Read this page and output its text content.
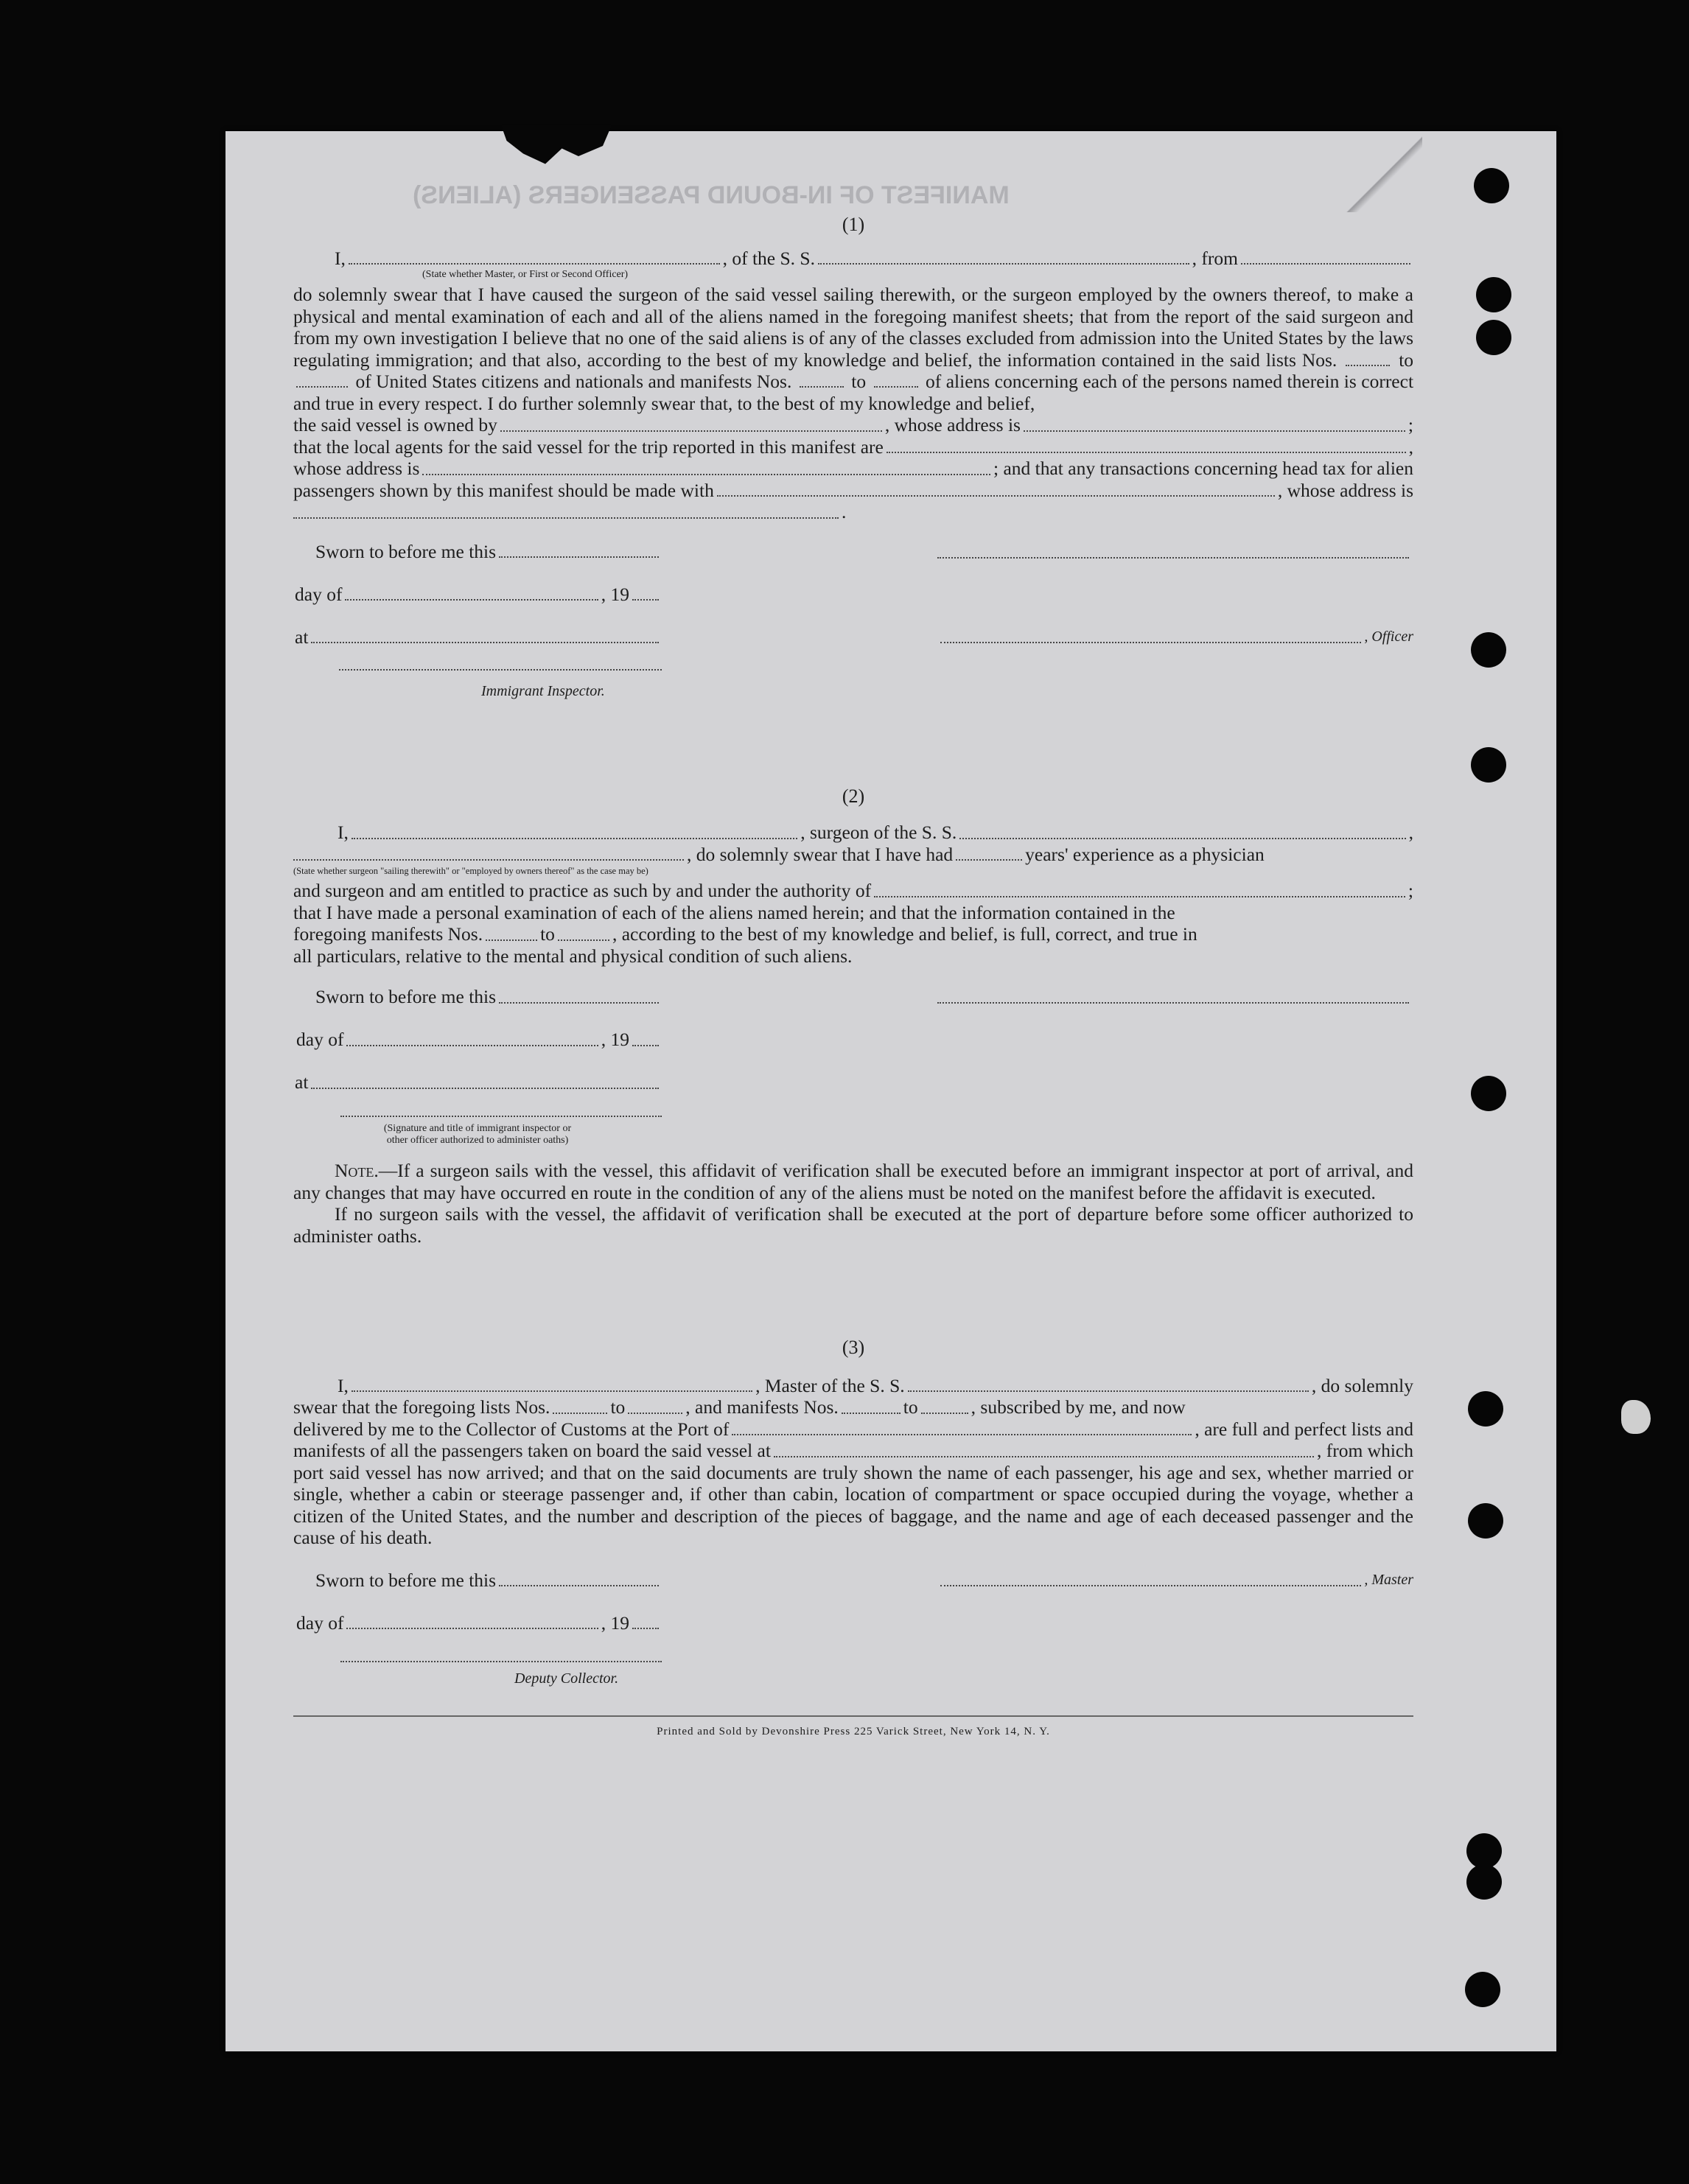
MANIFEST OF IN-BOUND PASSENGERS (ALIENS)

(1)

I,	, of the S. S.	, from
(State whether Master, or First or Second Officer)
do solemnly swear that I have caused the surgeon of the said vessel sailing therewith, or the surgeon employed by the owners thereof, to make a physical and mental examination of each and all of the aliens named in the foregoing manifest sheets; that from the report of the said surgeon and from my own investigation I believe that no one of the said aliens is of any of the classes excluded from admission into the United States by the laws regulating immigration; and that also, according to the best of my knowledge and belief, the information contained in the said lists Nos.	to  of United States citizens and nationals and manifests Nos.	to	of aliens concerning each of the persons named therein is correct and true in every respect. I do further solemnly swear that, to the best of my knowledge and belief,
the said vessel is owned by	, whose address is	;
that the local agents for the said vessel for the trip reported in this manifest are	,
whose address is	; and that any transactions concerning head tax for alien
passengers shown by this manifest should be made with	, whose address is
.
Sworn to before me this
day of	, 19
at	, Officer
Immigrant Inspector.

(2)

I,	, surgeon of the S. S.	,
, do solemnly swear that I have had	years' experience as a physician
(State whether surgeon "sailing therewith" or "employed by owners thereof" as the case may be)
and surgeon and am entitled to practice as such by and under the authority of	;
that I have made a personal examination of each of the aliens named herein; and that the information contained in the
foregoing manifests Nos.	to	, according to the best of my knowledge and belief, is full, correct, and true in
all particulars, relative to the mental and physical condition of such aliens.
Sworn to before me this
day of	, 19
at
(Signature and title of immigrant inspector or
other officer authorized to administer oaths)
Note.—If a surgeon sails with the vessel, this affidavit of verification shall be executed before an immigrant inspector at port of arrival, and any changes that may have occurred en route in the condition of any of the aliens must be noted on the manifest before the affidavit is executed.
If no surgeon sails with the vessel, the affidavit of verification shall be executed at the port of departure before some officer authorized to administer oaths.

(3)

I,	, Master of the S. S.	, do solemnly
swear that the foregoing lists Nos.	to	, and manifests Nos.	to	, subscribed by me, and now
delivered by me to the Collector of Customs at the Port of	, are full and perfect lists and
manifests of all the passengers taken on board the said vessel at	, from which
port said vessel has now arrived; and that on the said documents are truly shown the name of each passenger, his age and sex, whether married or single, whether a cabin or steerage passenger and, if other than cabin, location of compartment or space occupied during the voyage, whether a citizen of the United States, and the number and description of the pieces of baggage, and the name and age of each deceased passenger and the cause of his death.
Sworn to before me this	, Master
day of	, 19
Deputy Collector.
Printed and Sold by Devonshire Press 225 Varick Street, New York 14, N. Y.
